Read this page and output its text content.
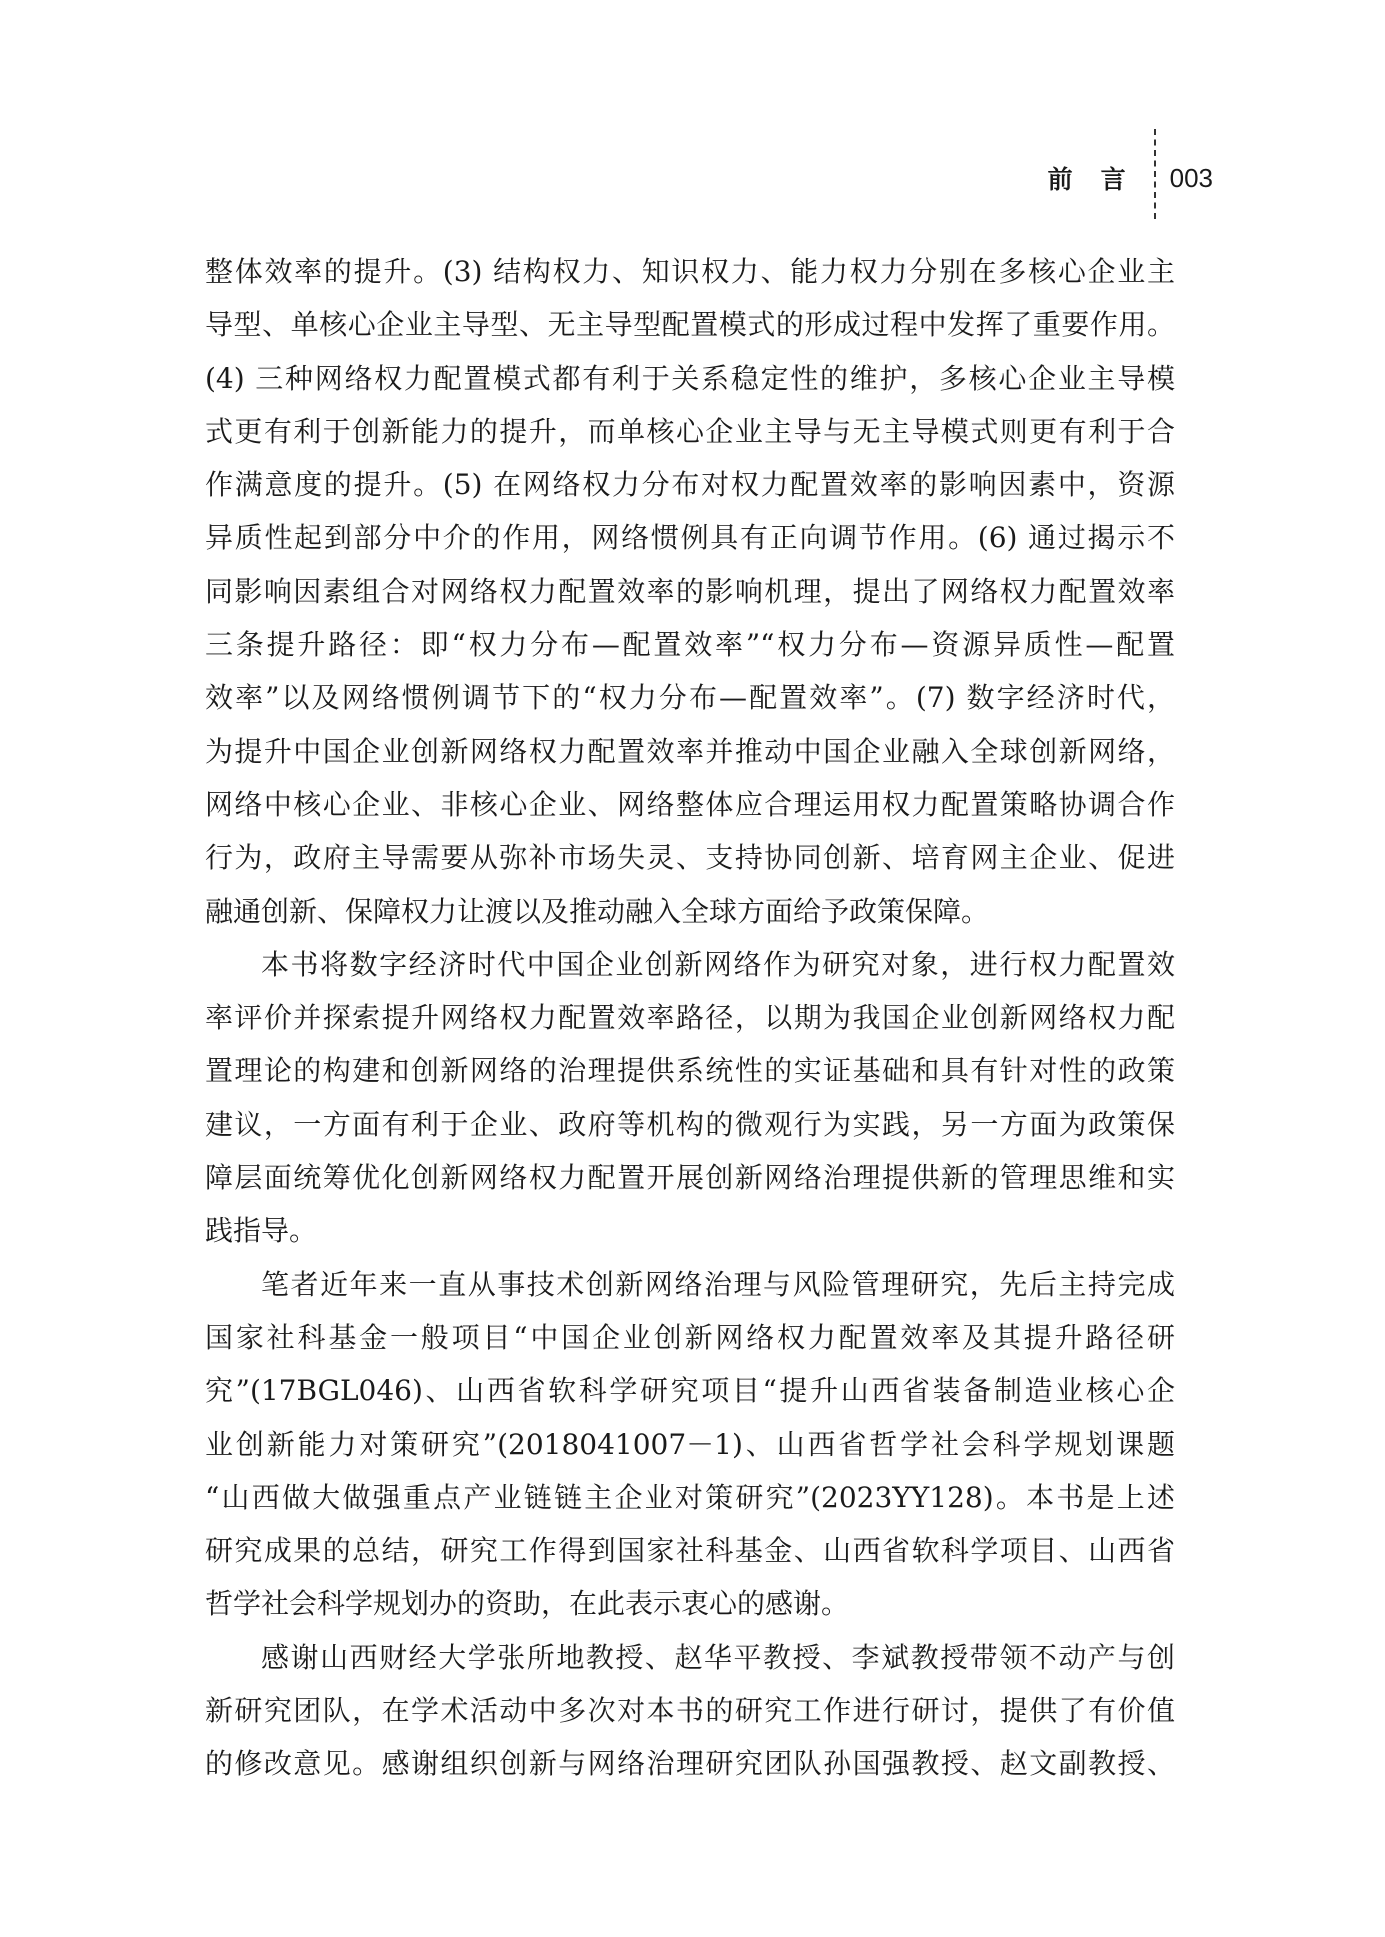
前言 003

整体效率的提升。(3) 结构权力、知识权力、能力权力分别在多核心企业主
导型、单核心企业主导型、无主导型配置模式的形成过程中发挥了重要作用。
(4) 三种网络权力配置模式都有利于关系稳定性的维护，多核心企业主导模
式更有利于创新能力的提升，而单核心企业主导与无主导模式则更有利于合
作满意度的提升。(5) 在网络权力分布对权力配置效率的影响因素中，资源
异质性起到部分中介的作用，网络惯例具有正向调节作用。(6) 通过揭示不
同影响因素组合对网络权力配置效率的影响机理，提出了网络权力配置效率
三条提升路径：即“权力分布—配置效率”“权力分布—资源异质性—配置
效率”以及网络惯例调节下的“权力分布—配置效率”。(7) 数字经济时代，
为提升中国企业创新网络权力配置效率并推动中国企业融入全球创新网络，
网络中核心企业、非核心企业、网络整体应合理运用权力配置策略协调合作
行为，政府主导需要从弥补市场失灵、支持协同创新、培育网主企业、促进
融通创新、保障权力让渡以及推动融入全球方面给予政策保障。

本书将数字经济时代中国企业创新网络作为研究对象，进行权力配置效
率评价并探索提升网络权力配置效率路径，以期为我国企业创新网络权力配
置理论的构建和创新网络的治理提供系统性的实证基础和具有针对性的政策
建议，一方面有利于企业、政府等机构的微观行为实践，另一方面为政策保
障层面统筹优化创新网络权力配置开展创新网络治理提供新的管理思维和实
践指导。

笔者近年来一直从事技术创新网络治理与风险管理研究，先后主持完成
国家社科基金一般项目“中国企业创新网络权力配置效率及其提升路径研
究”(17BGL046)、山西省软科学研究项目“提升山西省装备制造业核心企
业创新能力对策研究”(2018041007－1)、山西省哲学社会科学规划课题
“山西做大做强重点产业链链主企业对策研究”(2023YY128)。本书是上述
研究成果的总结，研究工作得到国家社科基金、山西省软科学项目、山西省
哲学社会科学规划办的资助，在此表示衷心的感谢。

感谢山西财经大学张所地教授、赵华平教授、李斌教授带领不动产与创
新研究团队，在学术活动中多次对本书的研究工作进行研讨，提供了有价值
的修改意见。感谢组织创新与网络治理研究团队孙国强教授、赵文副教授、
